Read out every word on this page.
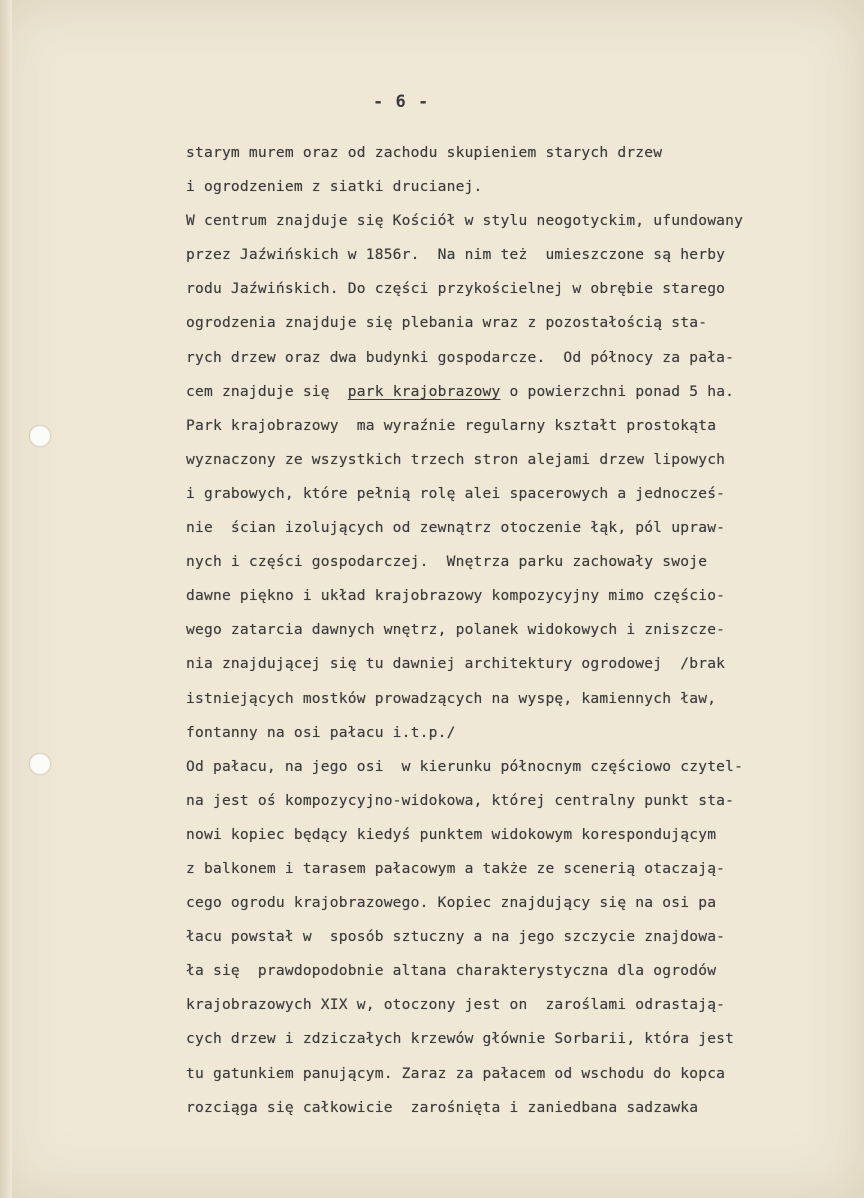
- 6 -
starym murem oraz od zachodu skupieniem starych drzew
i ogrodzeniem z siatki drucianej.
W centrum znajduje się Kościół w stylu neogotyckim, ufundowany
przez Jaźwińskich w 1856r.  Na nim też  umieszczone są herby
rodu Jaźwińskich. Do części przykościelnej w obrębie starego
ogrodzenia znajduje się plebania wraz z pozostałością sta-
rych drzew oraz dwa budynki gospodarcze.  Od północy za pała-
cem znajduje się  park krajobrazowy o powierzchni ponad 5 ha.
Park krajobrazowy  ma wyraźnie regularny kształt prostokąta
wyznaczony ze wszystkich trzech stron alejami drzew lipowych
i grabowych, które pełnią rolę alei spacerowych a jednocześ-
nie  ścian izolujących od zewnątrz otoczenie łąk, pól upraw-
nych i części gospodarczej.  Wnętrza parku zachowały swoje
dawne piękno i układ krajobrazowy kompozycyjny mimo częścio-
wego zatarcia dawnych wnętrz, polanek widokowych i zniszcze-
nia znajdującej się tu dawniej architektury ogrodowej  /brak
istniejących mostków prowadzących na wyspę, kamiennych ław,
fontanny na osi pałacu i.t.p./
Od pałacu, na jego osi  w kierunku północnym częściowo czytel-
na jest oś kompozycyjno-widokowa, której centralny punkt sta-
nowi kopiec będący kiedyś punktem widokowym korespondującym
z balkonem i tarasem pałacowym a także ze scenerią otaczają-
cego ogrodu krajobrazowego. Kopiec znajdujący się na osi pa
łacu powstał w  sposób sztuczny a na jego szczycie znajdowa-
ła się  prawdopodobnie altana charakterystyczna dla ogrodów
krajobrazowych XIX w, otoczony jest on  zaroślami odrastają-
cych drzew i zdziczałych krzewów głównie Sorbarii, która jest
tu gatunkiem panującym. Zaraz za pałacem od wschodu do kopca
rozciąga się całkowicie  zarośnięta i zaniedbana sadzawka
